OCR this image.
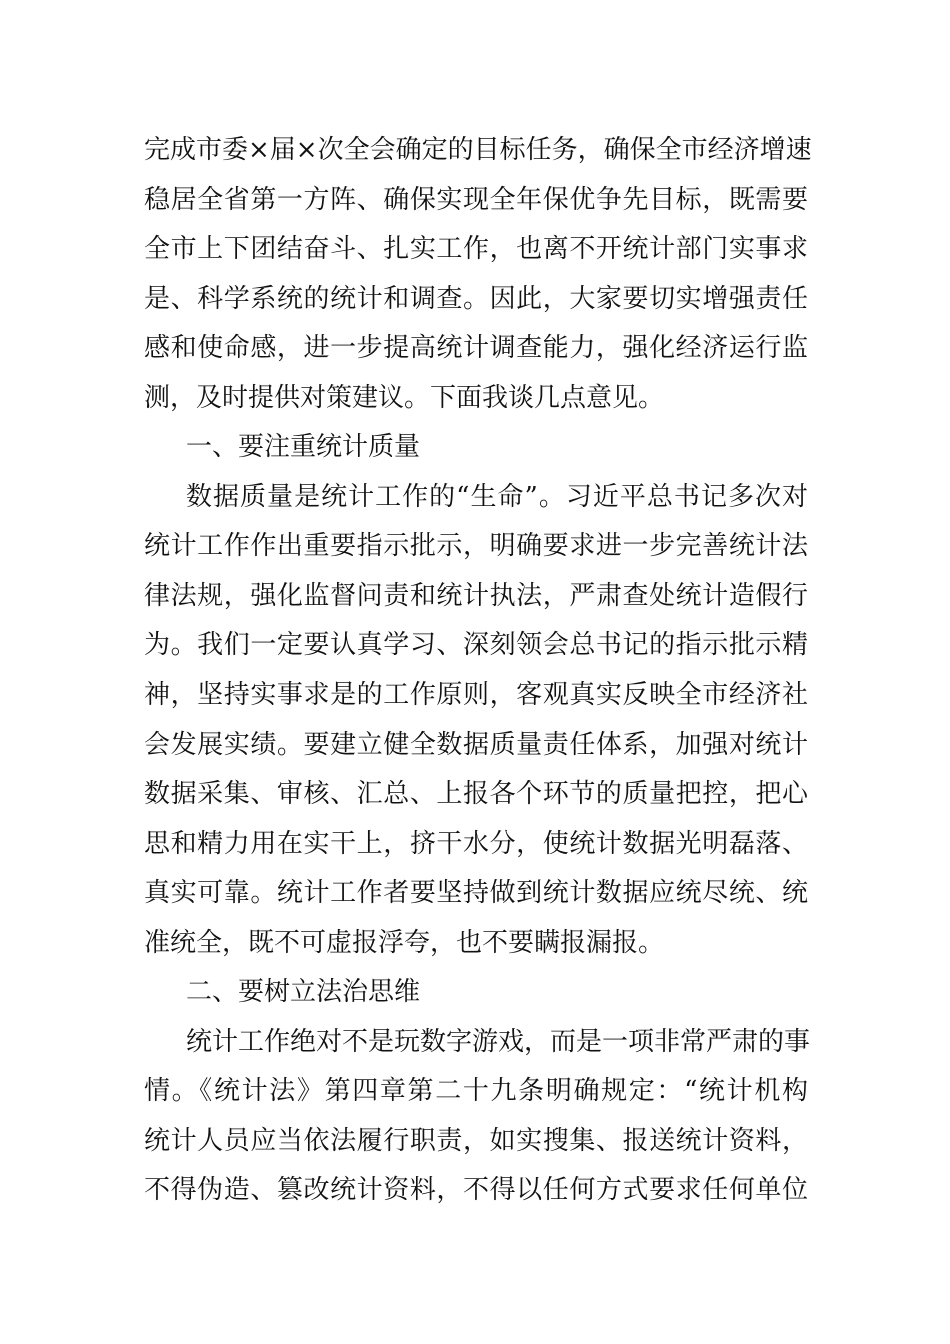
完成市委×届×次全会确定的目标任务，确保全市经济增速
稳居全省第一方阵、确保实现全年保优争先目标，既需要
全市上下团结奋斗、扎实工作，也离不开统计部门实事求
是、科学系统的统计和调查。因此，大家要切实增强责任
感和使命感，进一步提高统计调查能力，强化经济运行监
测，及时提供对策建议。下面我谈几点意见。
一、要注重统计质量
数据质量是统计工作的“生命”。习近平总书记多次对
统计工作作出重要指示批示，明确要求进一步完善统计法
律法规，强化监督问责和统计执法，严肃查处统计造假行
为。我们一定要认真学习、深刻领会总书记的指示批示精
神，坚持实事求是的工作原则，客观真实反映全市经济社
会发展实绩。要建立健全数据质量责任体系，加强对统计
数据采集、审核、汇总、上报各个环节的质量把控，把心
思和精力用在实干上，挤干水分，使统计数据光明磊落、
真实可靠。统计工作者要坚持做到统计数据应统尽统、统
准统全，既不可虚报浮夸，也不要瞒报漏报。
二、要树立法治思维
统计工作绝对不是玩数字游戏，而是一项非常严肃的事
情。《统计法》第四章第二十九条明确规定：“统计机构
统计人员应当依法履行职责，如实搜集、报送统计资料，
不得伪造、篡改统计资料，不得以任何方式要求任何单位
